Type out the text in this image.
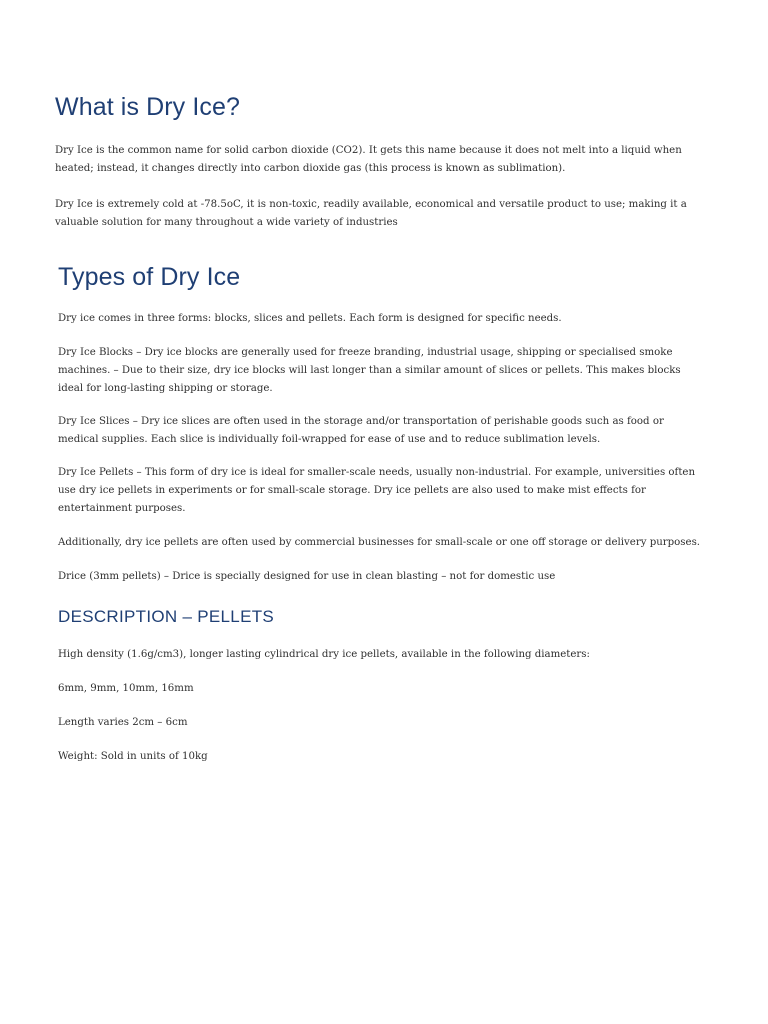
What is Dry Ice?

Dry Ice is the common name for solid carbon dioxide (CO2). It gets this name because it does not melt into a liquid when heated; instead, it changes directly into carbon dioxide gas (this process is known as sublimation).

Dry Ice is extremely cold at -78.5oC, it is non-toxic, readily available, economical and versatile product to use; making it a valuable solution for many throughout a wide variety of industries

Types of Dry Ice

Dry ice comes in three forms: blocks, slices and pellets. Each form is designed for specific needs.

Dry Ice Blocks – Dry ice blocks are generally used for freeze branding, industrial usage, shipping or specialised smoke machines. – Due to their size, dry ice blocks will last longer than a similar amount of slices or pellets. This makes blocks ideal for long-lasting shipping or storage.

Dry Ice Slices – Dry ice slices are often used in the storage and/or transportation of perishable goods such as food or medical supplies. Each slice is individually foil-wrapped for ease of use and to reduce sublimation levels.

Dry Ice Pellets – This form of dry ice is ideal for smaller-scale needs, usually non-industrial. For example, universities often use dry ice pellets in experiments or for small-scale storage. Dry ice pellets are also used to make mist effects for entertainment purposes.

Additionally, dry ice pellets are often used by commercial businesses for small-scale or one off storage or delivery purposes.

Drice (3mm pellets) – Drice is specially designed for use in clean blasting – not for domestic use

DESCRIPTION – PELLETS

High density (1.6g/cm3), longer lasting cylindrical dry ice pellets, available in the following diameters:

6mm, 9mm, 10mm, 16mm

Length varies 2cm – 6cm

Weight: Sold in units of 10kg
